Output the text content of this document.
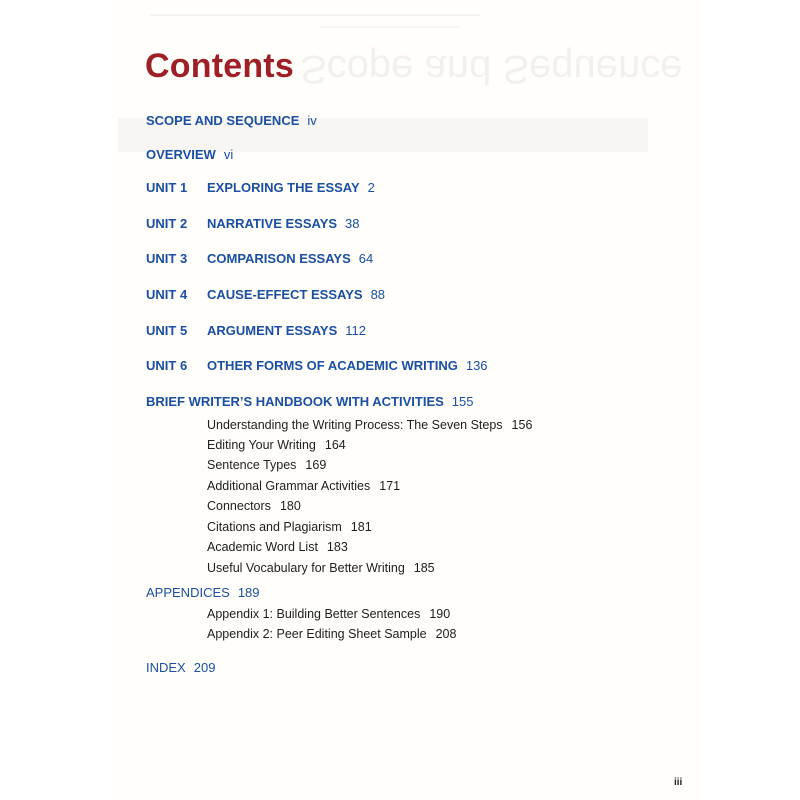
Scope and Sequence
Contents
SCOPE AND SEQUENCE iv
OVERVIEW vi
UNIT 1 EXPLORING THE ESSAY 2
UNIT 2 NARRATIVE ESSAYS 38
UNIT 3 COMPARISON ESSAYS 64
UNIT 4 CAUSE-EFFECT ESSAYS 88
UNIT 5 ARGUMENT ESSAYS 112
UNIT 6 OTHER FORMS OF ACADEMIC WRITING 136
BRIEF WRITER’S HANDBOOK WITH ACTIVITIES 155
Understanding the Writing Process: The Seven Steps 156
Editing Your Writing 164
Sentence Types 169
Additional Grammar Activities 171
Connectors 180
Citations and Plagiarism 181
Academic Word List 183
Useful Vocabulary for Better Writing 185
APPENDICES 189
Appendix 1: Building Better Sentences 190
Appendix 2: Peer Editing Sheet Sample 208
INDEX 209
iii
